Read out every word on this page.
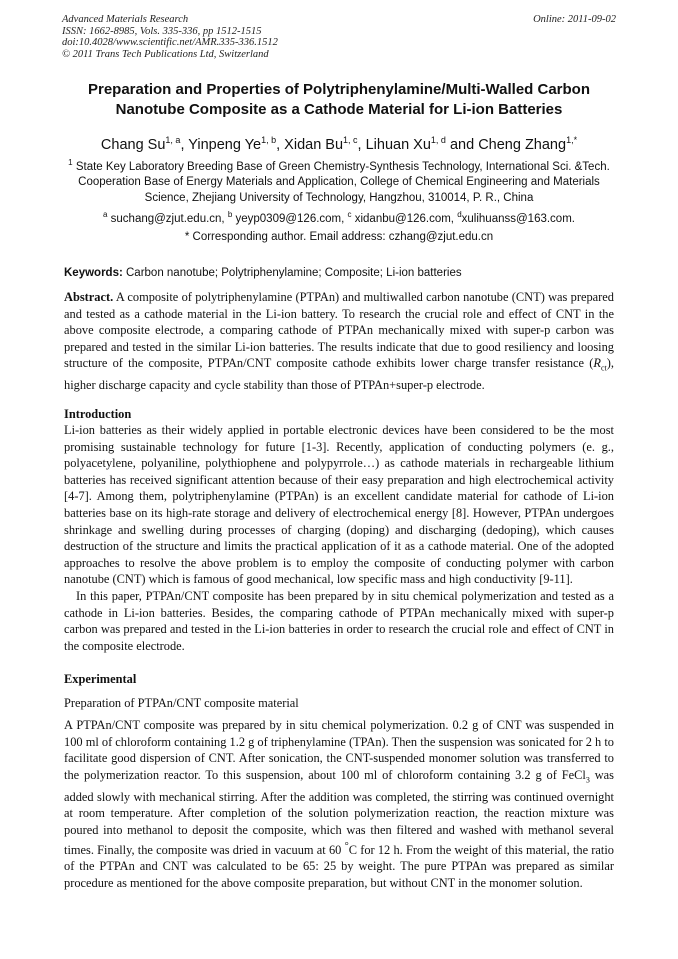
Advanced Materials Research
ISSN: 1662-8985, Vols. 335-336, pp 1512-1515
doi:10.4028/www.scientific.net/AMR.335-336.1512
© 2011 Trans Tech Publications Ltd, Switzerland
Online: 2011-09-02
Preparation and Properties of Polytriphenylamine/Multi-Walled Carbon Nanotube Composite as a Cathode Material for Li-ion Batteries
Chang Su$^{1, a}$, Yinpeng Ye$^{1, b}$, Xidan Bu$^{1, c}$, Lihuan Xu$^{1, d}$ and Cheng Zhang$^{1,*}$
$^1$ State Key Laboratory Breeding Base of Green Chemistry-Synthesis Technology, International Sci. &Tech. Cooperation Base of Energy Materials and Application, College of Chemical Engineering and Materials Science, Zhejiang University of Technology, Hangzhou, 310014, P. R., China
$^a$ suchang@zjut.edu.cn, $^b$ yeyp0309@126.com, $^c$ xidanbu@126.com, $^d$xulihuanss@163.com.
* Corresponding author. Email address: czhang@zjut.edu.cn
Keywords: Carbon nanotube; Polytriphenylamine; Composite; Li-ion batteries
Abstract. A composite of polytriphenylamine (PTPAn) and multiwalled carbon nanotube (CNT) was prepared and tested as a cathode material in the Li-ion battery. To research the crucial role and effect of CNT in the above composite electrode, a comparing cathode of PTPAn mechanically mixed with super-p carbon was prepared and tested in the similar Li-ion batteries. The results indicate that due to good resiliency and loosing structure of the composite, PTPAn/CNT composite cathode exhibits lower charge transfer resistance $(R_{ct})$, higher discharge capacity and cycle stability than those of PTPAn+super-p electrode.
Introduction

Li-ion batteries as their widely applied in portable electronic devices have been considered to be the most promising sustainable technology for future [1-3]. Recently, application of conducting polymers (e. g., polyacetylene, polyaniline, polythiophene and polypyrrole…) as cathode materials in rechargeable lithium batteries has received significant attention because of their easy preparation and high electrochemical activity [4-7]. Among them, polytriphenylamine (PTPAn) is an excellent candidate material for cathode of Li-ion batteries base on its high-rate storage and delivery of electrochemical energy [8]. However, PTPAn undergoes shrinkage and swelling during processes of charging (doping) and discharging (dedoping), which causes destruction of the structure and limits the practical application of it as a cathode material. One of the adopted approaches to resolve the above problem is to employ the composite of conducting polymer with carbon nanotube (CNT) which is famous of good mechanical, low specific mass and high conductivity [9-11].

In this paper, PTPAn/CNT composite has been prepared by in situ chemical polymerization and tested as a cathode in Li-ion batteries. Besides, the comparing cathode of PTPAn mechanically mixed with super-p carbon was prepared and tested in the Li-ion batteries in order to research the crucial role and effect of CNT in the composite electrode.

Experimental
Preparation of PTPAn/CNT composite material
A PTPAn/CNT composite was prepared by in situ chemical polymerization. 0.2 g of CNT was suspended in 100 ml of chloroform containing 1.2 g of triphenylamine (TPAn). Then the suspension was sonicated for 2 h to facilitate good dispersion of CNT. After sonication, the CNT-suspended monomer solution was transferred to the polymerization reactor. To this suspension, about 100 ml of chloroform containing 3.2 g of FeCl$_3$ was added slowly with mechanical stirring. After the addition was completed, the stirring was continued overnight at room temperature. After completion of the solution polymerization reaction, the reaction mixture was poured into methanol to deposit the composite, which was then filtered and washed with methanol several times. Finally, the composite was dried in vacuum at 60 °C for 12 h. From the weight of this material, the ratio of the PTPAn and CNT was calculated to be 65: 25 by weight. The pure PTPAn was prepared as similar procedure as mentioned for the above composite preparation, but without CNT in the monomer solution.
